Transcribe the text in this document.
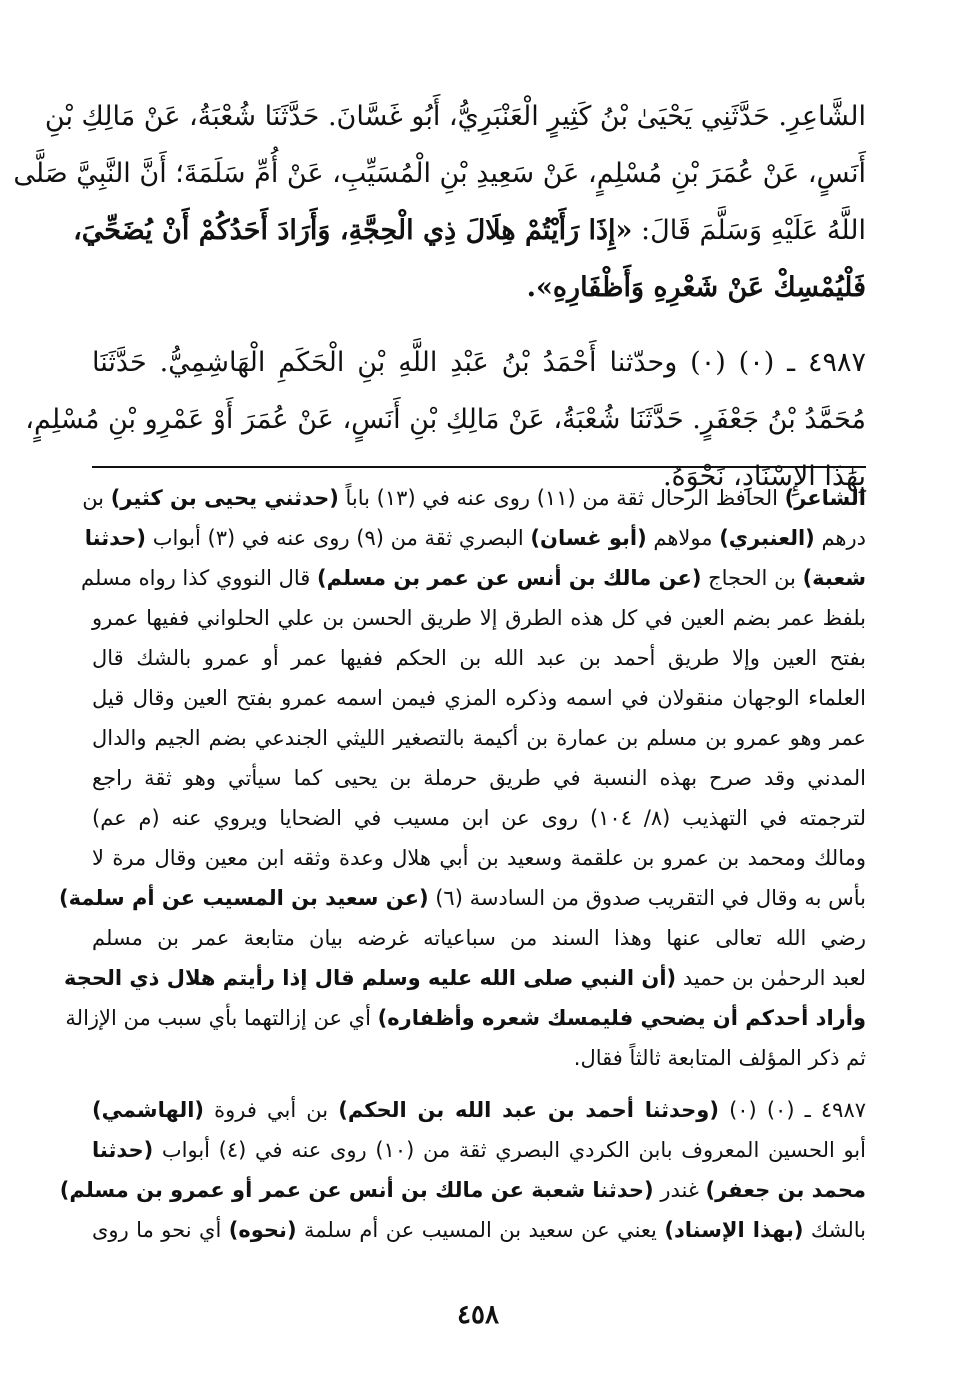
الشَّاعِرِ. حَدَّثَنِي يَحْيَىٰ بْنُ كَثِيرٍ الْعَنْبَرِيُّ، أَبُو غَسَّانَ. حَدَّثَنَا شُعْبَةُ، عَنْ مَالِكِ بْنِ
أَنَسٍ، عَنْ عُمَرَ بْنِ مُسْلِمٍ، عَنْ سَعِيدِ بْنِ الْمُسَيِّبِ، عَنْ أُمِّ سَلَمَةَ؛ أَنَّ النَّبِيَّ صَلَّى
اللَّهُ عَلَيْهِ وَسَلَّمَ قَالَ: «إِذَا رَأَيْتُمْ هِلَالَ ذِي الْحِجَّةِ، وَأَرَادَ أَحَدُكُمْ أَنْ يُضَحِّيَ،
فَلْيُمْسِكْ عَنْ شَعْرِهِ وَأَظْفَارِهِ».
٤٩٨٧ ـ (٠) (٠) وحدّثنا أَحْمَدُ بْنُ عَبْدِ اللَّهِ بْنِ الْحَكَمِ الْهَاشِمِيُّ. حَدَّثَنَا
مُحَمَّدُ بْنُ جَعْفَرٍ. حَدَّثَنَا شُعْبَةُ، عَنْ مَالِكِ بْنِ أَنَسٍ، عَنْ عُمَرَ أَوْ عَمْرِو بْنِ مُسْلِمٍ،
بِهَٰذَا الإِسْنَادِ، نَحْوَهُ.
الشاعر) الحافظ الرحال ثقة من (١١) روى عنه في (١٣) باباً (حدثني يحيى بن كثير) بن
درهم (العنبري) مولاهم (أبو غسان) البصري ثقة من (٩) روى عنه في (٣) أبواب (حدثنا
شعبة) بن الحجاج (عن مالك بن أنس عن عمر بن مسلم) قال النووي كذا رواه مسلم
بلفظ عمر بضم العين في كل هذه الطرق إلا طريق الحسن بن علي الحلواني ففيها عمرو
بفتح العين وإلا طريق أحمد بن عبد الله بن الحكم ففيها عمر أو عمرو بالشك قال
العلماء الوجهان منقولان في اسمه وذكره المزي فيمن اسمه عمرو بفتح العين وقال قيل
عمر وهو عمرو بن مسلم بن عمارة بن أكيمة بالتصغير الليثي الجندعي بضم الجيم والدال
المدني وقد صرح بهذه النسبة في طريق حرملة بن يحيى كما سيأتي وهو ثقة راجع
لترجمته في التهذيب (٨/ ١٠٤) روى عن ابن مسيب في الضحايا ويروي عنه (م عم)
ومالك ومحمد بن عمرو بن علقمة وسعيد بن أبي هلال وعدة وثقه ابن معين وقال مرة لا
بأس به وقال في التقريب صدوق من السادسة (٦) (عن سعيد بن المسيب عن أم سلمة)
رضي الله تعالى عنها وهذا السند من سباعياته غرضه بيان متابعة عمر بن مسلم
لعبد الرحمٰن بن حميد (أن النبي صلى الله عليه وسلم قال إذا رأيتم هلال ذي الحجة
وأراد أحدكم أن يضحي فليمسك شعره وأظفاره) أي عن إزالتهما بأي سبب من الإزالة
ثم ذكر المؤلف المتابعة ثالثاً فقال.
٤٩٨٧ ـ (٠) (٠) (وحدثنا أحمد بن عبد الله بن الحكم) بن أبي فروة (الهاشمي)
أبو الحسين المعروف بابن الكردي البصري ثقة من (١٠) روى عنه في (٤) أبواب (حدثنا
محمد بن جعفر) غندر (حدثنا شعبة عن مالك بن أنس عن عمر أو عمرو بن مسلم)
بالشك (بهذا الإسناد) يعني عن سعيد بن المسيب عن أم سلمة (نحوه) أي نحو ما روى
٤٥٨
